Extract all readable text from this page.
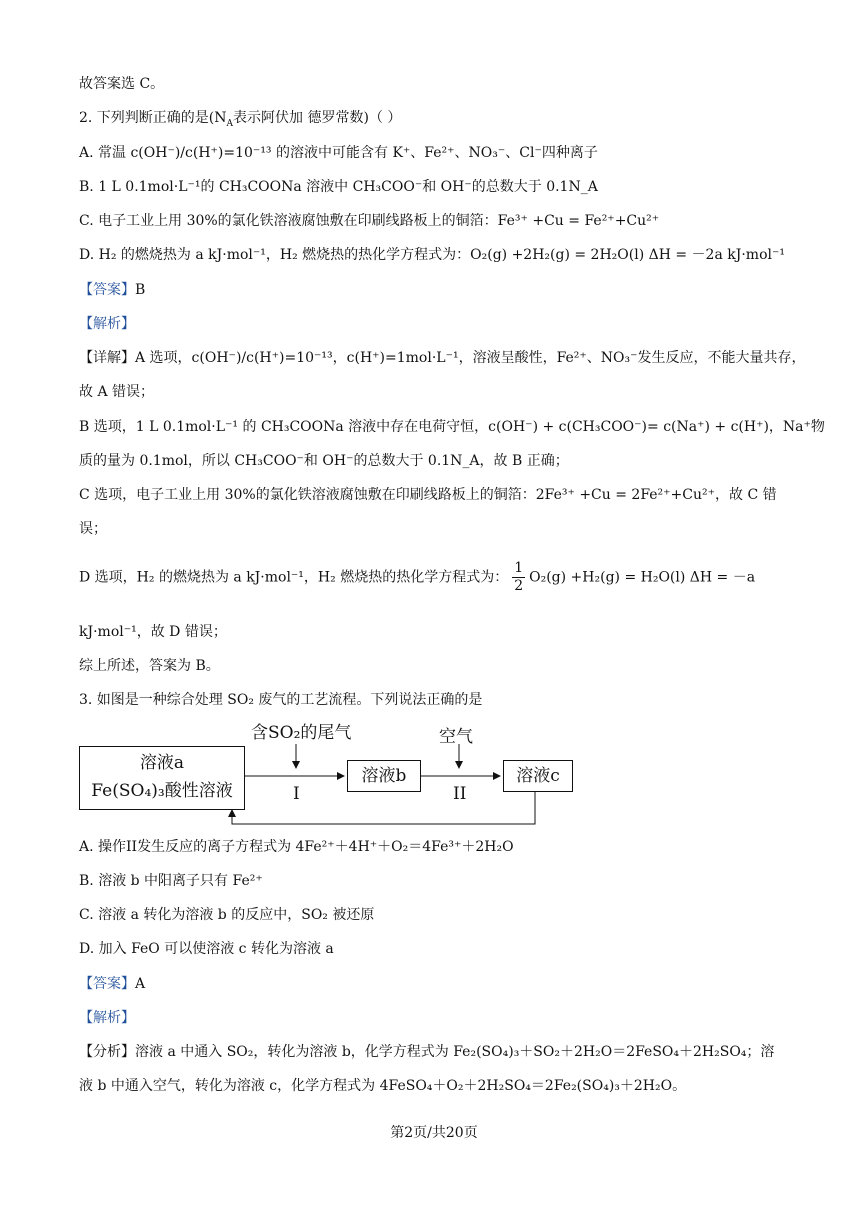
故答案选 C。
2. 下列判断正确的是($N_A$表示阿伏加 德罗常数)（ ）
A. 常温 c(OH⁻)/c(H⁺)=10⁻¹³ 的溶液中可能含有 K⁺、Fe²⁺、NO₃⁻、Cl⁻四种离子
B. 1 L 0.1mol·L⁻¹的 CH₃COONa 溶液中 CH₃COO⁻和 OH⁻的总数大于 0.1N_A
C. 电子工业上用 30%的氯化铁溶液腐蚀敷在印刷线路板上的铜箔：Fe³⁺ +Cu = Fe²⁺+Cu²⁺
D. H₂ 的燃烧热为 a kJ·mol⁻¹，H₂ 燃烧热的热化学方程式为：O₂(g) +2H₂(g) = 2H₂O(l) ΔH = －2a kJ·mol⁻¹
【答案】B
【解析】
【详解】A 选项，c(OH⁻)/c(H⁺)=10⁻¹³，c(H⁺)=1mol·L⁻¹，溶液呈酸性，Fe²⁺、NO₃⁻发生反应，不能大量共存，
故 A 错误；
B 选项，1 L 0.1mol·L⁻¹ 的 CH₃COONa 溶液中存在电荷守恒，c(OH⁻) + c(CH₃COO⁻)= c(Na⁺) + c(H⁺)，Na⁺物
质的量为 0.1mol，所以 CH₃COO⁻和 OH⁻的总数大于 0.1N_A，故 B 正确；
C 选项，电子工业上用 30%的氯化铁溶液腐蚀敷在印刷线路板上的铜箔：2Fe³⁺ +Cu = 2Fe²⁺+Cu²⁺，故 C 错
误；
D 选项，H₂ 的燃烧热为 a kJ·mol⁻¹，H₂ 燃烧热的热化学方程式为： $\frac{1}{2} O_2(g) +H_2(g) = H_2O(l) \Delta H = -a$
kJ·mol⁻¹，故 D 错误；
综上所述，答案为 B。
3. 如图是一种综合处理 SO₂ 废气的工艺流程。下列说法正确的是
溶液a
Fe(SO₄)₃酸性溶液
溶液b	溶液c
含SO₂的尾气	空气
I	II
A. 操作II发生反应的离子方程式为 4Fe²⁺＋4H⁺＋O₂＝4Fe³⁺＋2H₂O
B. 溶液 b 中阳离子只有 Fe²⁺
C. 溶液 a 转化为溶液 b 的反应中，SO₂ 被还原
D. 加入 FeO 可以使溶液 c 转化为溶液 a
【答案】A
【解析】
【分析】溶液 a 中通入 SO₂，转化为溶液 b，化学方程式为 Fe₂(SO₄)₃＋SO₂＋2H₂O＝2FeSO₄＋2H₂SO₄；溶
液 b 中通入空气，转化为溶液 c，化学方程式为 4FeSO₄＋O₂＋2H₂SO₄＝2Fe₂(SO₄)₃＋2H₂O。
第2页/共20页
